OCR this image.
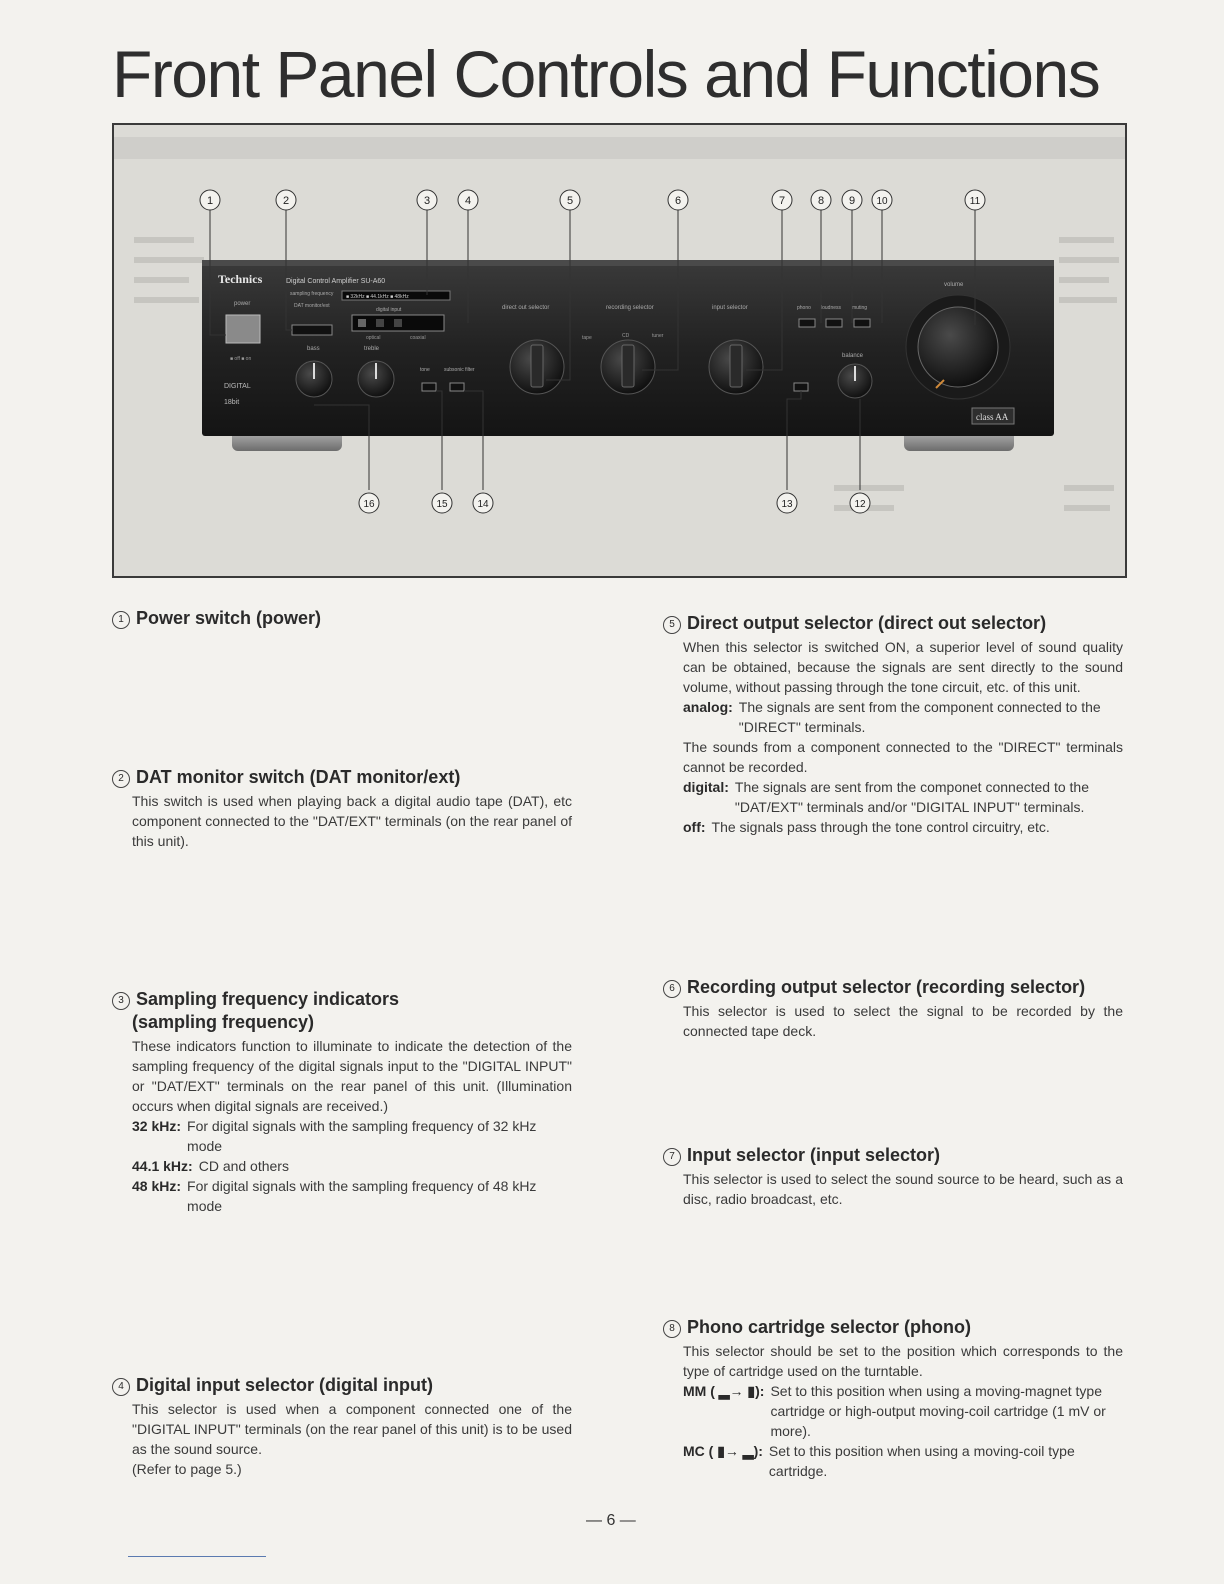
Front Panel Controls and Functions
Technics	Digital Control Amplifier SU-A60
power
■ off ■ on
DAT monitor/ext
sampling frequency	■ 32kHz ■ 44.1kHz ■ 48kHz
digital input
optical	coaxial
DIGITAL
18bit
bass	treble
tone	subsonic filter
direct out selector	recording selector
tape	CD	tuner
input selector	phono loudness muting
balance
volume
class AA
1	2	3	4	5	6	7	8 9 10	11
16	15	14	13	12
1 Power switch (power)
2 DAT monitor switch (DAT monitor/ext)

This switch is used when playing back a digital audio tape (DAT), etc component connected to the "DAT/EXT" terminals (on the rear panel of this unit).

3 Sampling frequency indicators
(sampling frequency)

These indicators function to illuminate to indicate the detection of the sampling frequency of the digital signals input to the "DIGITAL INPUT" or "DAT/EXT" terminals on the rear panel of this unit. (Illumination occurs when digital signals are received.)

32 kHz: For digital signals with the sampling frequency of 32 kHz mode
44.1 kHz: CD and others
48 kHz: For digital signals with the sampling frequency of 48 kHz mode
4 Digital input selector (digital input)

This selector is used when a component connected one of the "DIGITAL INPUT" terminals (on the rear panel of this unit) is to be used as the sound source.

(Refer to page 5.)

5 Direct output selector (direct out selector)

When this selector is switched ON, a superior level of sound quality can be obtained, because the signals are sent directly to the sound volume, without passing through the tone circuit, etc. of this unit.

analog: The signals are sent from the component connected to the "DIRECT" terminals.

The sounds from a component connected to the "DIRECT" terminals cannot be recorded.

digital: The signals are sent from the componet connected to the "DAT/EXT" terminals and/or "DIGITAL INPUT" terminals.
off: The signals pass through the tone control circuitry, etc.
6 Recording output selector (recording selector)

This selector is used to select the signal to be recorded by the connected tape deck.

7 Input selector (input selector)

This selector is used to select the sound source to be heard, such as a disc, radio broadcast, etc.

8 Phono cartridge selector (phono)

This selector should be set to the position which corresponds to the type of cartridge used on the turntable.

MM ( ▂→ ▮): Set to this position when using a moving-magnet type cartridge or high-output moving-coil cartridge (1 mV or more).
MC ( ▮→ ▂): Set to this position when using a moving-coil type cartridge.
— 6 —
